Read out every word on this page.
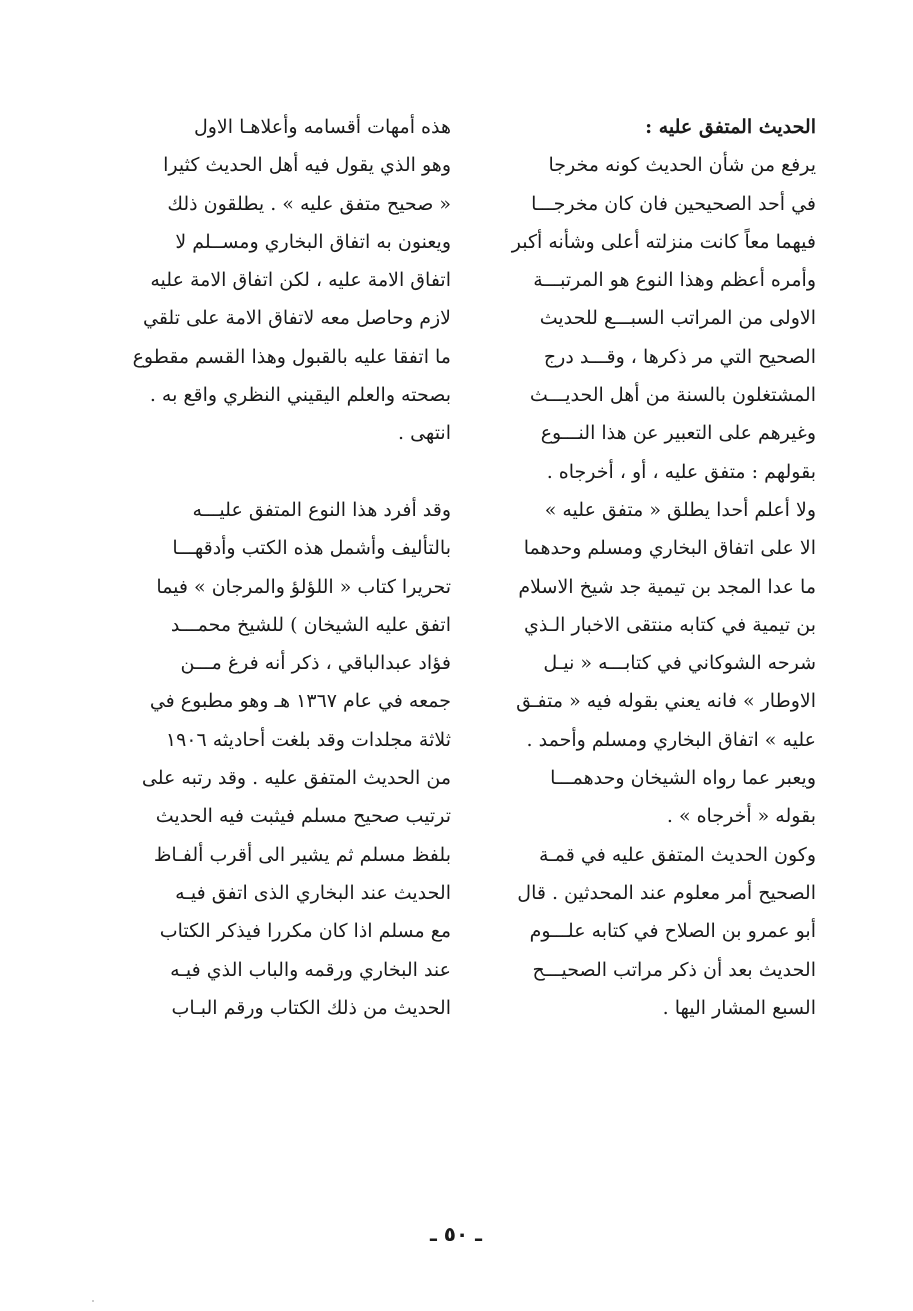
الحديث المتفق عليه :
يرفع من شأن الحديث كونه مخرجا
في أحد الصحيحين فان كان مخرجـــا
فيهما معاً كانت منزلته أعلى وشأنه أكبر
وأمره أعظم وهذا النوع هو المرتبـــة
الاولى من المراتب السبـــع للحديث
الصحيح التي مر ذكرها ، وقـــد درج
المشتغلون بالسنة من أهل الحديـــث
وغيرهم على التعبير عن هذا النـــوع
بقولهم : متفق عليه ، أو ، أخرجاه .
ولا أعلم أحدا يطلق « متفق عليه »
الا على اتفاق البخاري ومسلم وحدهما
ما عدا المجد بن تيمية جد شيخ الاسلام
بن تيمية في كتابه منتقى الاخبار الـذي
شرحه الشوكاني في كتابـــه « نيـل
الاوطار » فانه يعني بقوله فيه « متفـق
عليه » اتفاق البخاري ومسلم وأحمد .
ويعبر عما رواه الشيخان وحدهمـــا
بقوله « أخرجاه » .
وكون الحديث المتفق عليه في قمـة
الصحيح أمر معلوم عند المحدثين . قال
أبو عمرو بن الصلاح في كتابه علـــوم
الحديث بعد أن ذكر مراتب الصحيـــح
السبع المشار اليها .
هذه أمهات أقسامه وأعلاهـا الاول
وهو الذي يقول فيه أهل الحديث كثيرا
« صحيح متفق عليه » . يطلقون ذلك
ويعنون به اتفاق البخاري ومســلم لا
اتفاق الامة عليه ، لكن اتفاق الامة عليه
لازم وحاصل معه لاتفاق الامة على تلقي
ما اتفقا عليه بالقبول وهذا القسم مقطوع
بصحته والعلم اليقيني النظري واقع به .
انتهى .
وقد أفرد هذا النوع المتفق عليـــه
بالتأليف وأشمل هذه الكتب وأدقهـــا
تحريرا كتاب « اللؤلؤ والمرجان » فيما
اتفق عليه الشيخان ) للشيخ محمـــد
فؤاد عبدالباقي ، ذكر أنه فرغ مـــن
جمعه في عام ١٣٦٧ هـ وهو مطبوع في
ثلاثة مجلدات وقد بلغت أحاديثه ١٩٠٦
من الحديث المتفق عليه . وقد رتبه على
ترتيب صحيح مسلم فيثبت فيه الحديث
بلفظ مسلم ثم يشير الى أقرب ألفـاظ
الحديث عند البخاري الذى اتفق فيـه
مع مسلم اذا كان مكررا فيذكر الكتاب
عند البخاري ورقمه والباب الذي فيـه
الحديث من ذلك الكتاب ورقم البـاب
ـ ٥٠ ـ
